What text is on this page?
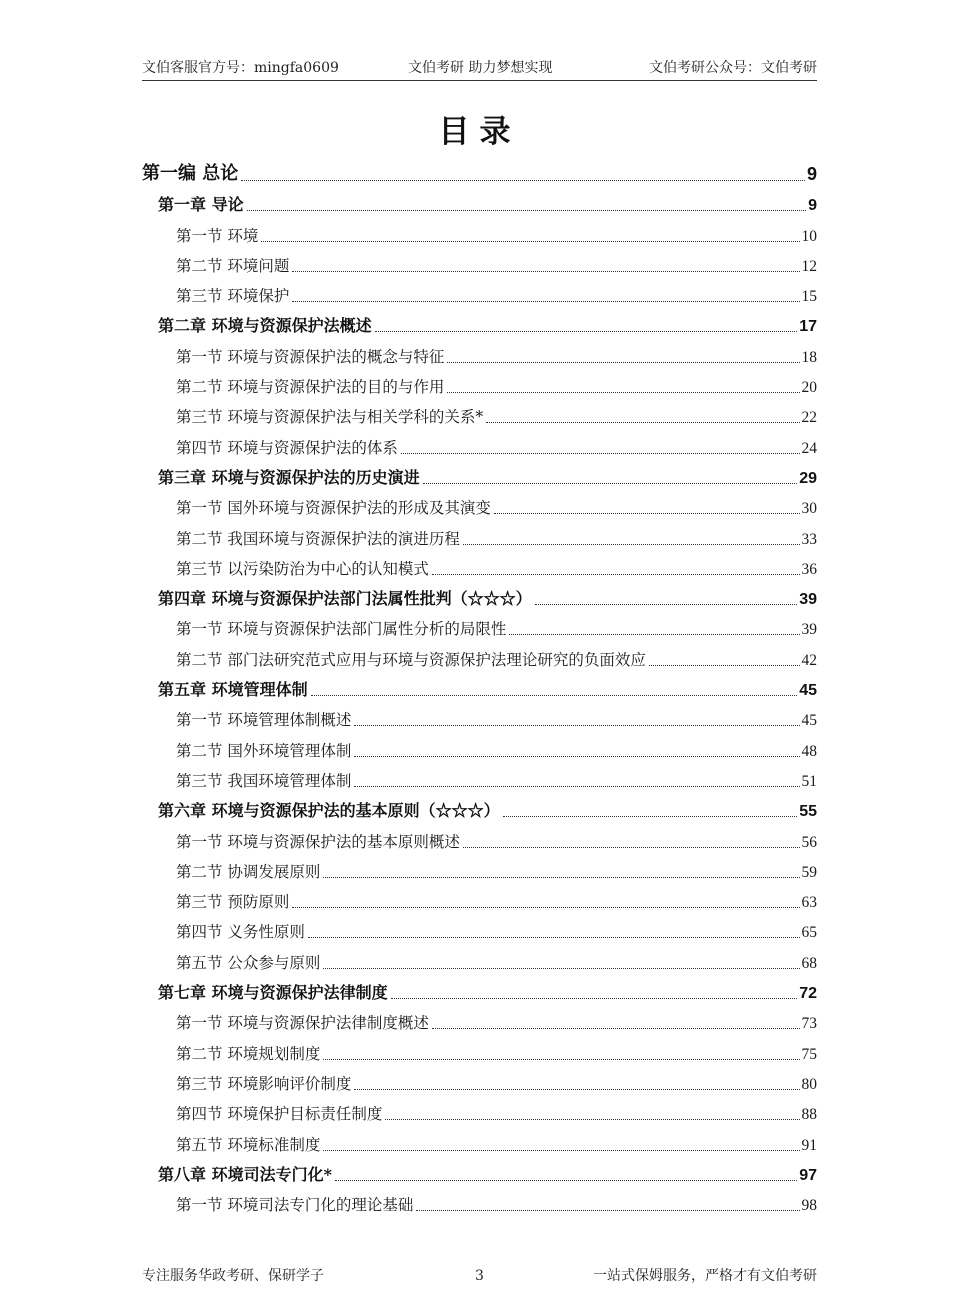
文伯客服官方号：mingfa0609	文伯考研 助力梦想实现	文伯考研公众号：文伯考研
目录
第一编 总论	9
第一章 导论	9
第一节 环境	10
第二节 环境问题	12
第三节 环境保护	15
第二章 环境与资源保护法概述	17
第一节 环境与资源保护法的概念与特征	18
第二节 环境与资源保护法的目的与作用	20
第三节 环境与资源保护法与相关学科的关系*	22
第四节 环境与资源保护法的体系	24
第三章 环境与资源保护法的历史演进	29
第一节 国外环境与资源保护法的形成及其演变	30
第二节 我国环境与资源保护法的演进历程	33
第三节 以污染防治为中心的认知模式	36
第四章 环境与资源保护法部门法属性批判（☆☆☆）	39
第一节 环境与资源保护法部门属性分析的局限性	39
第二节 部门法研究范式应用与环境与资源保护法理论研究的负面效应	42
第五章 环境管理体制	45
第一节 环境管理体制概述	45
第二节 国外环境管理体制	48
第三节 我国环境管理体制	51
第六章 环境与资源保护法的基本原则（☆☆☆）	55
第一节 环境与资源保护法的基本原则概述	56
第二节 协调发展原则	59
第三节 预防原则	63
第四节 义务性原则	65
第五节 公众参与原则	68
第七章 环境与资源保护法律制度	72
第一节 环境与资源保护法律制度概述	73
第二节 环境规划制度	75
第三节 环境影响评价制度	80
第四节 环境保护目标责任制度	88
第五节 环境标准制度	91
第八章 环境司法专门化*	97
第一节 环境司法专门化的理论基础	98
专注服务华政考研、保研学子	3	一站式保姆服务，严格才有文伯考研
